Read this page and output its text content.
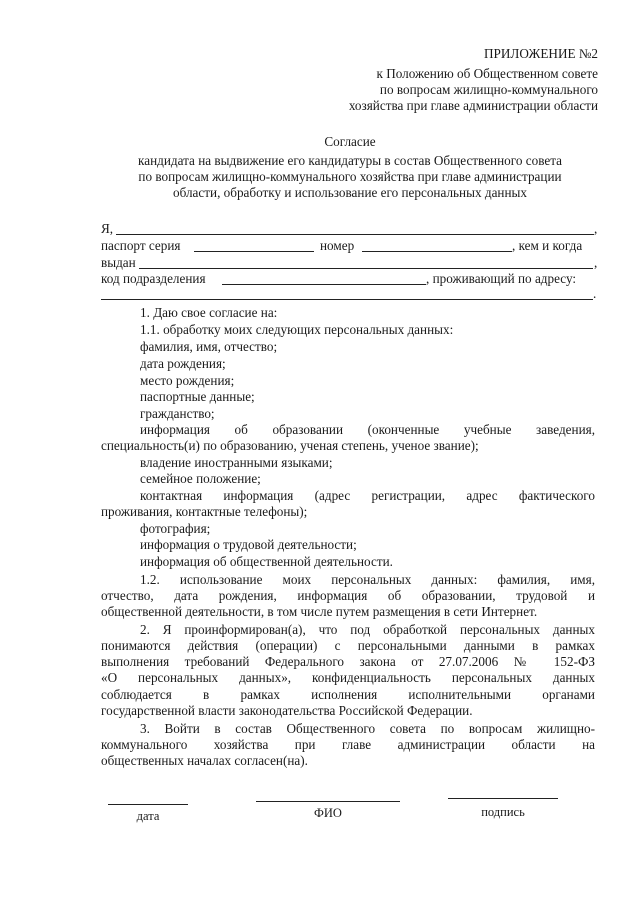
ПРИЛОЖЕНИЕ №2
к Положению об Общественном совете
по вопросам жилищно-коммунального
хозяйства при главе администрации области
Согласие
кандидата на выдвижение его кандидатуры в состав Общественного совета
по вопросам жилищно-коммунального хозяйства при главе администрации
области, обработку и использование его персональных данных
Я,	,
паспорт серия	номер	, кем и когда
выдан	,
код подразделения	, проживающий по адресу:
.
1. Даю свое согласие на:
1.1. обработку моих следующих персональных данных:
фамилия, имя, отчество;
дата рождения;
место рождения;
паспортные данные;
гражданство;
информация об образовании (оконченные учебные заведения,
специальность(и) по образованию, ученая степень, ученое звание);
владение иностранными языками;
семейное положение;
контактная информация (адрес регистрации, адрес фактического
проживания, контактные телефоны);
фотография;
информация о трудовой деятельности;
информация об общественной деятельности.
1.2. использование моих персональных данных: фамилия, имя,
отчество, дата рождения, информация об образовании, трудовой и
общественной деятельности, в том числе путем размещения в сети Интернет.
2. Я проинформирован(а), что под обработкой персональных данных
понимаются действия (операции) с персональными данными в рамках
выполнения требований Федерального закона от 27.07.2006 № 152-ФЗ
«О персональных данных», конфиденциальность персональных данных
соблюдается в рамках исполнения исполнительными органами
государственной власти законодательства Российской Федерации.
3. Войти в состав Общественного совета по вопросам жилищно-
коммунального хозяйства при главе администрации области на
общественных началах согласен(на).
дата	ФИО	подпись
